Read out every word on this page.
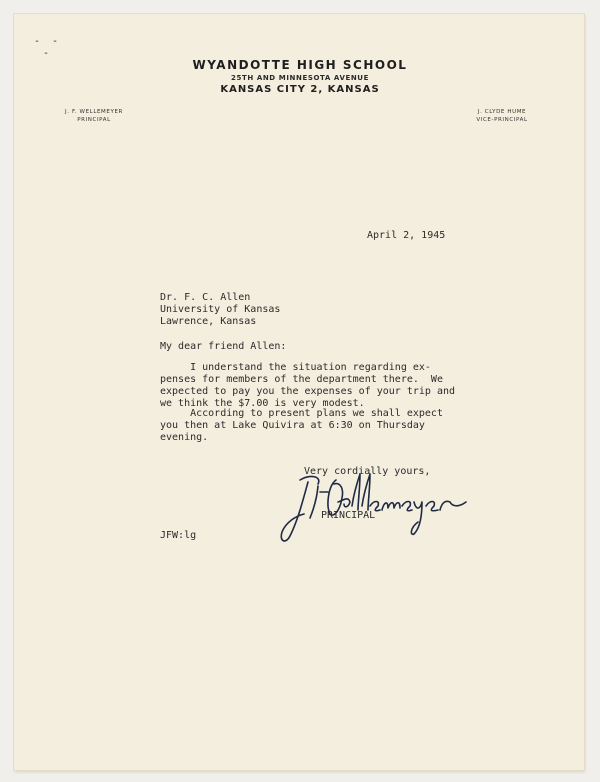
- -
-
WYANDOTTE HIGH SCHOOL
25TH AND MINNESOTA AVENUE
KANSAS CITY 2, KANSAS
J. F. WELLEMEYER
PRINCIPAL
J. CLYDE HUME
VICE-PRINCIPAL
April 2, 1945
Dr. F. C. Allen
University of Kansas
Lawrence, Kansas
My dear friend Allen:
I understand the situation regarding ex-
penses for members of the department there.  We
expected to pay you the expenses of your trip and
we think the $7.00 is very modest.
According to present plans we shall expect
you then at Lake Quivira at 6:30 on Thursday
evening.
Very cordially yours,
J F Wellemeyer
PRINCIPAL
JFW:lg
